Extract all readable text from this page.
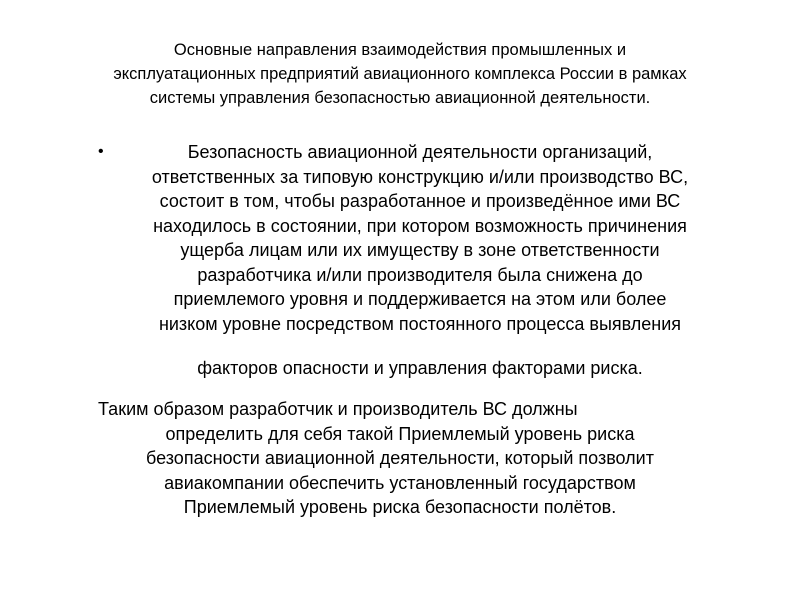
Основные направления взаимодействия промышленных и
эксплуатационных предприятий авиационного комплекса России в рамках
системы управления безопасностью авиационной деятельности.
•	Безопасность авиационной деятельности организаций,
ответственных за типовую конструкцию и/или производство ВС,
состоит в том, чтобы разработанное и произведённое ими ВС
находилось в состоянии, при котором возможность причинения
ущерба лицам или их имуществу в зоне ответственности
разработчика и/или производителя была снижена до
приемлемого уровня и поддерживается на этом или более
низком уровне посредством постоянного процесса выявления
факторов опасности и управления факторами риска.
Таким образом разработчик и производитель ВС должны
определить для себя такой Приемлемый уровень риска
безопасности авиационной деятельности, который позволит
авиакомпании обеспечить установленный государством
Приемлемый уровень риска безопасности полётов.
